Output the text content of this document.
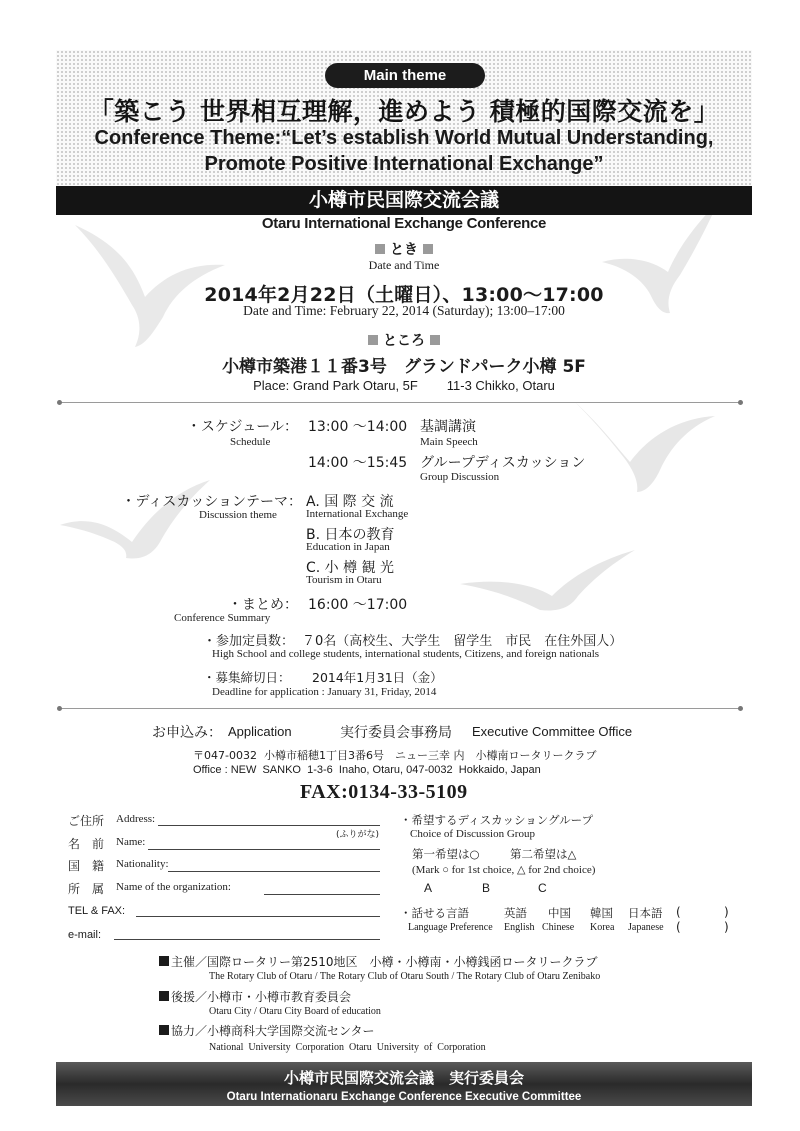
Main theme
「築こう 世界相互理解，進めよう 積極的国際交流を」
Conference Theme:“Let’s establish World Mutual Understanding,
Promote Positive International Exchange”
小樽市民国際交流会議
Otaru International Exchange Conference
とき
Date and Time
2014年2月22日（土曜日）、13:00〜17:00
Date and Time: February 22, 2014 (Saturday); 13:00–17:00
ところ
小樽市築港１１番3号　グランドパーク小樽 5F
Place: Grand Park Otaru, 5F        11-3 Chikko, Otaru
・スケジュール：
Schedule
13:00 〜14:00 基調講演
Main Speech
14:00 〜15:45 グループディスカッション
Group Discussion
・ディスカッションテーマ：
Discussion theme
A. 国 際 交 流
International Exchange
B. 日本の教育
Education in Japan
C. 小 樽 観 光
Tourism in Otaru
・まとめ：
Conference Summary
16:00 〜17:00
・参加定員数： ７0名（高校生、大学生　留学生　市民　在住外国人）
High School and college students, international students, Citizens, and foreign nationals
・募集締切日： 2014年1月31日（金）
Deadline for application : January 31, Friday, 2014
お申込み： Application	実行委員会事務局 Executive Committee Office
〒047-0032  小樽市稲穂1丁目3番6号　ニュー三幸 内　小樽南ロータリークラブ
Office : NEW  SANKO  1-3-6  Inaho, Otaru, 047-0032  Hokkaido, Japan
FAX:0134-33-5109
ご住所 Address:
(ふりがな)
名　前 Name:
国　籍 Nationality:
所　属 Name of the organization:
TEL & FAX:
e-mail:
・希望するディスカッショングループ
Choice of Discussion Group
第一希望は○	第二希望は△
(Mark ○ for 1st choice, △ for 2nd choice)
A	B	C
・話せる言語
Language Preference
英語
English
中国
Chinese
韓国
Korea
日本語
Japanese
(	)
(	)
主催／国際ロータリー第2510地区　小樽・小樽南・小樽銭函ロータリークラブ
The Rotary Club of Otaru / The Rotary Club of Otaru South / The Rotary Club of Otaru Zenibako
後援／小樽市・小樽市教育委員会
Otaru City / Otaru City Board of education
協力／小樽商科大学国際交流センター
National  University  Corporation  Otaru  University  of  Corporation
小樽市民国際交流会議　実行委員会
Otaru Internationaru Exchange Conference Executive Committee
